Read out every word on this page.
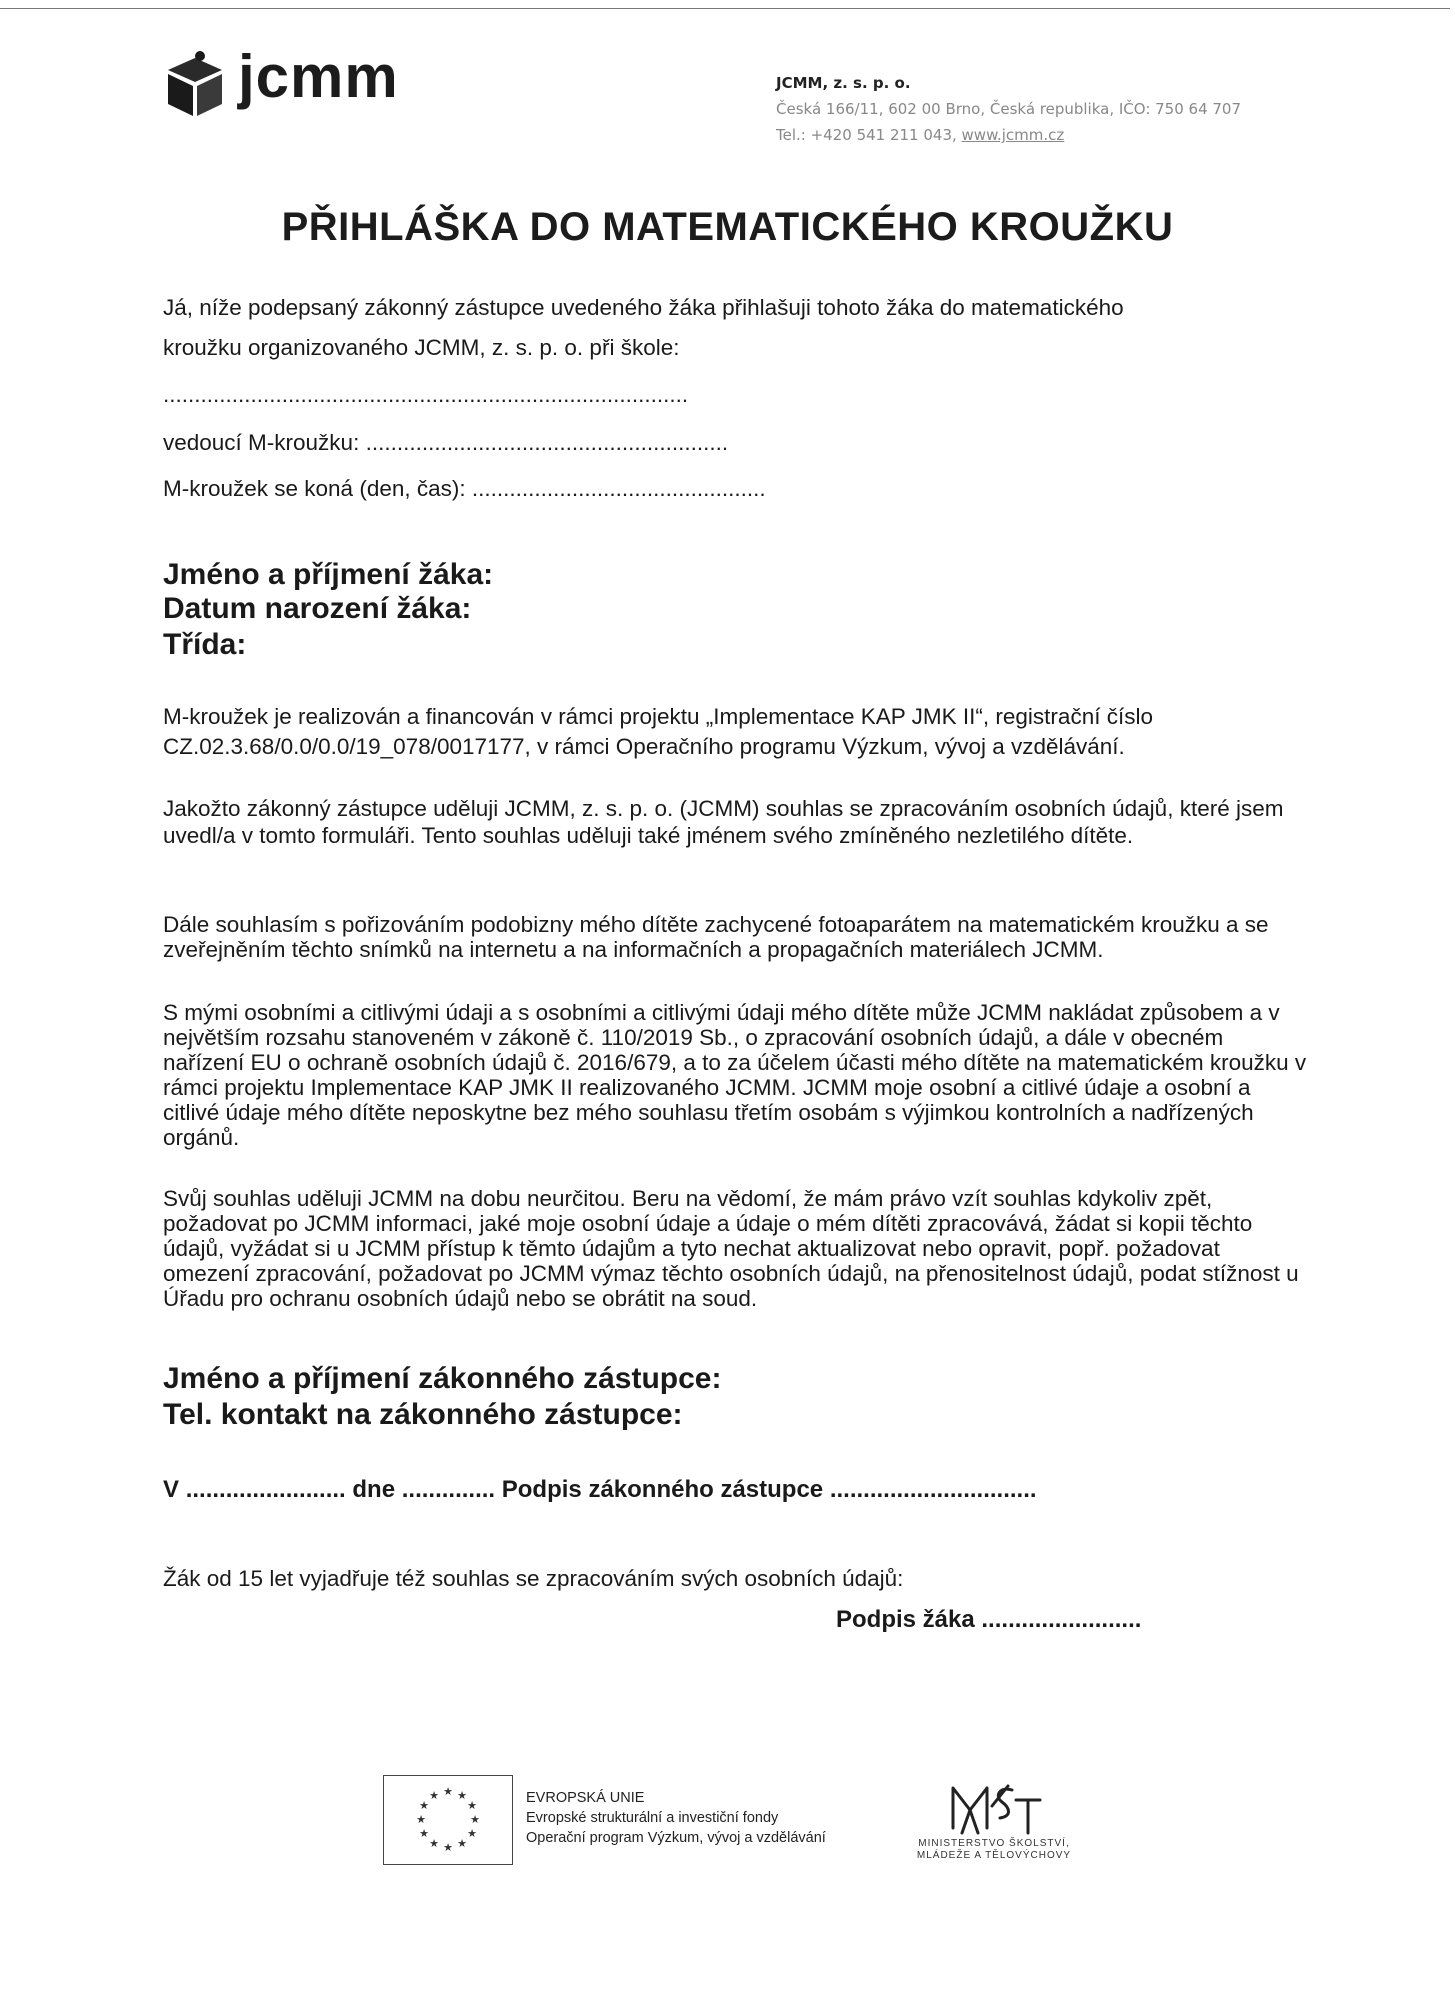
jcmm	JCMM, z. s. p. o.
Česká 166/11, 602 00 Brno, Česká republika, IČO: 750 64 707
Tel.: +420 541 211 043, www.jcmm.cz
PŘIHLÁŠKA DO MATEMATICKÉHO KROUŽKU
Já, níže podepsaný zákonný zástupce uvedeného žáka přihlašuji tohoto žáka do matematického
kroužku organizovaného JCMM, z. s. p. o. při škole:
....................................................................................
vedoucí M-kroužku: ..........................................................
M-kroužek se koná (den, čas): ...............................................
Jméno a příjmení žáka:
Datum narození žáka:
Třída:
M-kroužek je realizován a financován v rámci projektu „Implementace KAP JMK II“, registrační číslo CZ.02.3.68/0.0/0.0/19_078/0017177, v rámci Operačního programu Výzkum, vývoj a vzdělávání.
Jakožto zákonný zástupce uděluji JCMM, z. s. p. o. (JCMM) souhlas se zpracováním osobních údajů, které jsem uvedl/a v tomto formuláři. Tento souhlas uděluji také jménem svého zmíněného nezletilého dítěte.
Dále souhlasím s pořizováním podobizny mého dítěte zachycené fotoaparátem na matematickém kroužku a se zveřejněním těchto snímků na internetu a na informačních a propagačních materiálech JCMM.
S mými osobními a citlivými údaji a s osobními a citlivými údaji mého dítěte může JCMM nakládat způsobem a v největším rozsahu stanoveném v zákoně č. 110/2019 Sb., o zpracování osobních údajů, a dále v obecném nařízení EU o ochraně osobních údajů č. 2016/679, a to za účelem účasti mého dítěte na matematickém kroužku v rámci projektu Implementace KAP JMK II realizovaného JCMM. JCMM moje osobní a citlivé údaje a osobní a citlivé údaje mého dítěte neposkytne bez mého souhlasu třetím osobám s výjimkou kontrolních a nadřízených orgánů.
Svůj souhlas uděluji JCMM na dobu neurčitou. Beru na vědomí, že mám právo vzít souhlas kdykoliv zpět, požadovat po JCMM informaci, jaké moje osobní údaje a údaje o mém dítěti zpracovává, žádat si kopii těchto údajů, vyžádat si u JCMM přístup k těmto údajům a tyto nechat aktualizovat nebo opravit, popř. požadovat omezení zpracování, požadovat po JCMM výmaz těchto osobních údajů, na přenositelnost údajů, podat stížnost u Úřadu pro ochranu osobních údajů nebo se obrátit na soud.
Jméno a příjmení zákonného zástupce:
Tel. kontakt na zákonného zástupce:
V ........................ dne .............. Podpis zákonného zástupce ...............................
Žák od 15 let vyjadřuje též souhlas se zpracováním svých osobních údajů:
Podpis žáka ........................
★ ★
★
★
★
★
★
★
★
★
★
★	EVROPSKÁ UNIE
Evropské strukturální a investiční fondy
Operační program Výzkum, vývoj a vzdělávání	MINISTERSTVO ŠKOLSTVÍ,
MLÁDEŽE A TĚLOVÝCHOVY
